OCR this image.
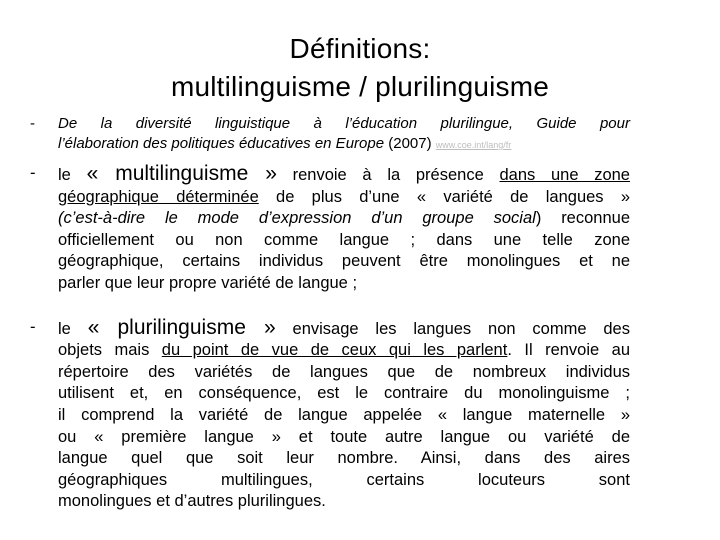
Définitions:
multilinguisme / plurilinguisme
- De la diversité linguistique à l’éducation plurilingue, Guide pour
l’élaboration des politiques éducatives en Europe (2007) www.coe.int/lang/fr
- le « multilinguisme » renvoie à la présence dans une zone
géographique déterminée de plus d’une « variété de langues »
(c’est-à-dire le mode d’expression d’un groupe social) reconnue
officiellement ou non comme langue ; dans une telle zone
géographique, certains individus peuvent être monolingues et ne
parler que leur propre variété de langue ;
- le « plurilinguisme » envisage les langues non comme des
objets mais du point de vue de ceux qui les parlent. Il renvoie au
répertoire des variétés de langues que de nombreux individus
utilisent et, en conséquence, est le contraire du monolinguisme ;
il comprend la variété de langue appelée « langue maternelle »
ou « première langue » et toute autre langue ou variété de
langue quel que soit leur nombre. Ainsi, dans des aires
géographiques multilingues, certains locuteurs sont
monolingues et d’autres plurilingues.
